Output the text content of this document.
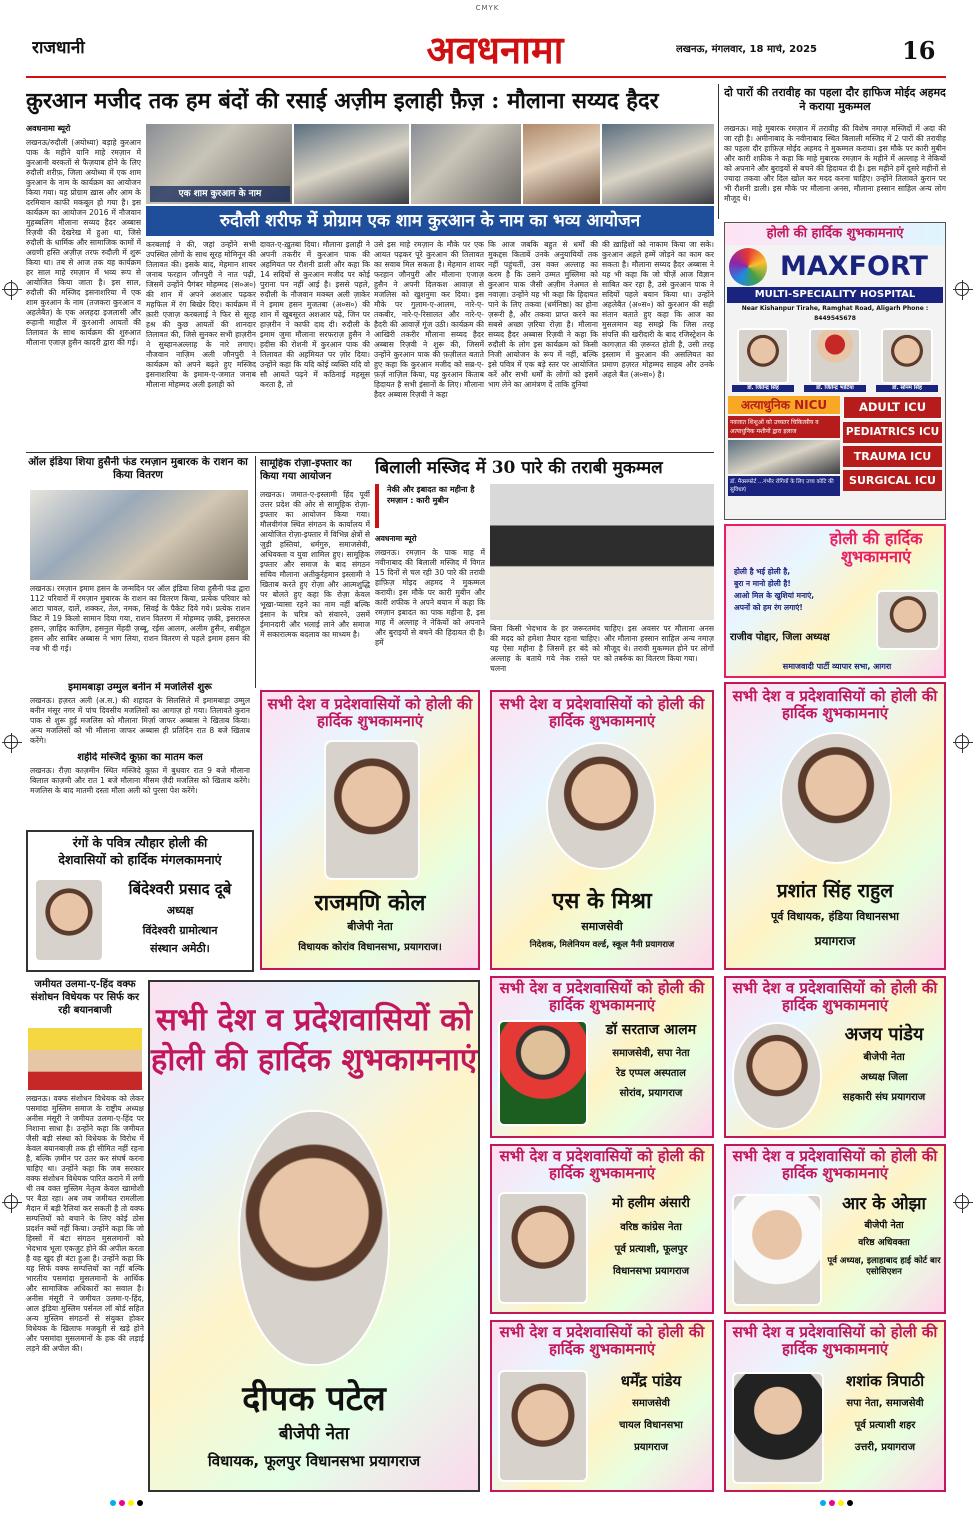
CMYK
राजधानी	अवधनामा	लखनऊ, मंगलवार, 18 मार्च, 2025	16
क़ुरआन मजीद तक हम बंदों की रसाई अज़ीम इलाही फ़ैज़ : मौलाना सय्यद हैदर
अवधनामा ब्यूरो
लखनऊ/रुदौली (अयोध्या) बड़ाहे कुरआन पाक के महीने यानि माहे रमज़ान में कुरआनी बरकतों से फैज़याब होने के लिए रुदौली शरीफ़, जिला अयोध्या में एक शाम कुरआन के नाम के कार्यक्रम का आयोजन किया गया। यह प्रोग्राम ख़ास और आम के दरमियान काफी मकबूल हो गया है। इस कार्यक्रम का आयोजन 2016 में नौजवान मुहब्बलिग मौलाना सय्यद हैदर अब्बास रिज़वी की देखरेख में हुआ था, जिसे रुदौली के धार्मिक और सामाजिक कामों में अग्रणी हस्ति अज़ीज़ तरफ रुदौली में शुरू किया था। तब से आज तक यह कार्यक्रम हर साल माहे रमज़ान में भव्य रूप से आयोजित किया जाता है। इस साल, रुदौली की मस्जिद इसनाशरिया में एक शाम कुरआन के नाम (तजकरा कुरआन व अहलेबैत) के एक अलहदा इजलासी और रूहानी माहौल में कुरआनी आयतों की तिलावत के साथ कार्यक्रम की शुरुआत मौलाना एजाज़ हुसैन कादरी द्वारा की गई।
एक शाम कुरआन के नाम
रुदौली शरीफ में प्रोग्राम एक शाम कुरआन के नाम का भव्य आयोजन
करबलाई ने की, जहां उन्होंने सभी उपस्थित लोगों के साथ सूरह मोमिनून की तिलावत की। इसके बाद, मेहमान शायर जनाब फरहान जौनपुरी ने नात पढ़ी, जिसमें उन्होंने पैगंबर मोहम्मद (स०अ०) की शान में अपने अशआर पढ़कर महफिल में रंग बिखेर दिए। कार्यक्रम में क़ारी एजाज़ करबलाई ने फिर से सूरह हश्र की कुछ आयतों की शानदार तिलावत की, जिसे सुनकर सभी हाज़रीन ने सुब्हानअल्लाह के नारे लगाए। नौजवान नाज़िम अली जौनपुरी ने कार्यक्रम को अपने बढ़ते हुए मस्जिद इसनाशरिया के इमाम-ए-जमात जनाब मौलाना मोहम्मद अली इलाही को
दावत-ए-ख़ुतबा दिया। मौलाना इलाही ने अपनी तकरीर में कुरआन पाक की अहमियत पर रौशनी डाली और कहा कि 14 सदियों से कुरआन मजीद पर कोई पुराना पन नहीं आई है। इससे पहले, रुदौली के नौजवान मक्ब्ल अली ज़ाकेर ने इमाम हसन मुजतबा (अ०स०) की शान में खूबसूरत अशआर पढ़े, जिन पर हाज़रीन ने काफी दाद दी। रुदौली के इमाम जुमा मौलाना सरफराज़ हुसैन ने हदीस की रोशनी में कुरआन पाक की तिलावत की अहमियत पर ज़ोर दिया। उन्होंने कहा कि यदि कोई व्यक्ति यदि वो सौ आयतें पढ़ने में कठिनाई महसूस करता है, तो
उसे इस माहे रमज़ान के मौके पर एक आयत पढ़कर पूरे कुरआन की तिलावत का सवाब मिल सकता है। मेहमान शायर फरहान जौनपुरी और मौलाना एजाज़ हुसैन ने अपनी दिलकश आवाज़ से मजलिस को खुशनुमा कर दिया। इस मौके पर गुलाम-ए-आलम, नारे-ए-तकबीर, नारे-ए-रिसालत और नारे-ए-हैदरी की आवाज़ें गूंज उठी। कार्यक्रम की आखिरी तकरीर मौलाना सय्यद हैदर अब्बास रिज़वी ने शुरू की, जिसमें उन्होंने कुरआन पाक की फ़ज़ीलत बताते हुए कहा कि कुरआन मजीद को सब्र-ए-फ़र्ज़ नाज़िल किया, यह कुरआन किताब हिदायत है सभी इंसानों के लिए। मौलाना हैदर अब्बास रिज़वी ने कहा
कि आज जबकि बहुत से धर्मों की मुकद्दस किताबें उनके अनुयायियों तक नहीं पहुंचतीं, उस वक्त अल्लाह का करम है कि उसने उम्मत मुस्लिमा को कुरआन पाक जैसी अज़ीम नेअमत से नवाज़ा। उन्होंने यह भी कहा कि हिदायत पाने के लिए तकवा (धर्मनिष्ठा) का होना ज़रूरी है, और तकवा प्राप्त करने का सबसे अच्छा ज़रिया रोज़ा है। मौलाना सय्यद हैदर अब्बास रिज़वी ने कहा कि रुदौली के लोग इस कार्यक्रम को किसी निजी आयोजन के रूप में नहीं, बल्कि इसे पवित्र में एक बड़े स्तर पर आयोजित करें और सभी धर्मों के लोगों को इसमें भाग लेने का आमंत्रण दें ताकि दुनियां
की ख़ाहिशों को नाकाम किया जा सके। कुरआन अहले हम्में जोड़ने का काम कर सकता है। मौलाना सय्यद हैदर अब्बास ने यह भी कहा कि जो चीज़ें आज विज्ञान साबित कर रहा है, उसे कुरआन पाक ने सदियों पहले बयान किया था। उन्होंने अहलेबैत (अ०स०) को कुरआन की सही संतान बताते हुए कहा कि आज का मुसलमान यह समझे कि जिस तरह संपत्ति की खरीदारी के बाद रजिस्ट्रेशन के कागज़ात की ज़रूरत होती है, उसी तरह इस्लाम में कुरआन की असलियत का प्रमाण हज़रत मोहम्मद साहब और उनके अहले बैत (अ०स०) है।
दो पारों की तरावीह का पहला दौर हाफिज मोईद अहमद ने कराया मुकम्मल
लखनऊ। माहे मुबारक रमज़ान में तरावीह की विशेष नमाज़ मस्जिदों में अदा की जा रही है। अमीनाबाद के नवीनाबाद स्थित बिलाली मस्जिद में 2 पारों की तरावीह का पहला दौर हाफ़िज़ मोईद अहमद ने मुकम्मल कराया। इस मौके पर कारी मुबीन और कारी शफ़ीक ने कहा कि माहे मुबारक रमज़ान के महीने में अल्लाह ने नेकियों को अपनाने और बुराइयों से बचने की हिदायत दी है। इस महीने हमें दूसरे महीनों से ज्यादा तकवा और दिल खोल कर मदद करना चाहिए। उन्होंने तिलावते कुरान पर भी रौशनी डाली। इस मौके पर मौलाना अनस, मौलाना हस्सान साहिल अन्य लोग मौजूद थे।
होली की हार्दिक शुभकामनाएं
MAXFORT
MULTI-SPECIALITY HOSPITAL
Near Kishanpur Tirahe, Ramghat Road, Aligarh Phone : 8449545678
डॉ. जितेन्द्र सिंह	डॉ. जितेन्द्र भाटिया	डॉ. सोनम सिंह
अत्याधुनिक NICU
नवजात शिशुओं को उच्चतर चिकित्सीय व अत्याधुनिक मशीनों द्वारा इलाज
डॉ. मैक्सफोर्ट ...गंभीर रोगियों के लिए उच्च कोटि की सुविधाएं
ADULT ICU
PEDIATRICS ICU
TRAUMA ICU
SURGICAL ICU
होली की हार्दिक शुभकामनाएं
होली है भई होली है,
बुरा न मानो होली है!
आओ मिल के खुशियां मनाएं,
अपनों को हम रंग लगाएं!
राजीव पोद्दार, जिला अध्यक्ष
समाजवादी पार्टी व्यापार सभा, आगरा
ऑल इंडिया शिया हुसैनी फंड रमज़ान मुबारक के राशन का किया वितरण
लखनऊ। रमज़ान इमाम हसन के जन्मदिन पर ऑल इंडिया शिया हुसैनी फंड द्वारा 112 परिवारों में रमज़ान मुबारक के राशन का वितरण किया, प्रत्येक परिवार को आटा चावल, दालें, शक्कर, तेल, नमक, सिवई के पैकेट दिये गये। प्रत्येक राशन किट में 19 किलो सामान दिया गया, राशन वितरण में मोहम्मद ज़की, इसरारुल हसन, ज़ाहिद काज़िम, हसनुल मेंहदी ज़ब्बू, रईस आलम, अलीम हुसैन, सबीहुल हसन और साबिर अब्बास ने भाग लिया, राशन वितरण से पहले इमाम हसन की नज्र भी दी गई।
इमामबाड़ा उम्मुल बनीन में मजलिसें शुरू
लखनऊ। हज़रत अली (अ.स.) की शहादत के सिलसिले में इमामबाड़ा उम्मुल बनीन मंसूर नगर में पांच दिवसीय मजलिसों का आगाज़ हो गया। तिलावते कुरान पाक से शुरू हुई मजलिस को मौलाना मिर्ज़ा जाफर अब्बास ने खिताब किया। अन्य मजलिसों को भी मौलाना जाफर अब्बास ही प्रतिदिन रात 8 बजे खिताब करेंगे।
शहीदे मस्जिदे कूफ़ा का मातम कल
लखनऊ। रौज़ा काज़मीन स्थित मस्जिदे कूफ़ा में बुधवार रात 9 बजे मौलाना बिलाल काज़मी और रात 1 बजे मौलाना मीसम ज़ैदी मजलिस को खिताब करेंगे। मजलिस के बाद मातमी दस्ता मौला अली को पुरसा पेश करेंगे।
सामूहिक रोज़ा-इफ्तार का किया गया आयोजन
लखनऊ। जमात-ए-इस्लामी हिंद पूर्वी उत्तर प्रदेश की ओर से सामूहिक रोज़ा-इफ्तार का आयोजन किया गया। मौलवीगंज स्थित संगठन के कार्यालय में आयोजित रोज़ा-इफ्तार में विभिन्न क्षेत्रों से जुड़ी हस्तियां, धर्मगुरु, समाजसेवी, अधिवक्ता व युवा शामिल हुए। सामूहिक इफ्तार और समाज के बाद संगठन सचिव मौलाना अतीकुर्रहमान इस्लामी ने खिताब करते हुए रोज़ा और आत्मशुद्धि पर बोलते हुए कहा कि रोज़ा केवल भूखा-प्यासा रहने का नाम नहीं बल्कि इंसान के चरित्र को संवारने, उसमें ईमानदारी और भलाई लाने और समाज में सकारात्मक बदलाव का माध्यम है।
बिलाली मस्जिद में 30 पारे की तराबी मुकम्मल
नेकी और इबादत का महीना है रमज़ान : कारी मुबीन
अवधनामा ब्यूरो
लखनऊ। रमज़ान के पाक माह में नवीनाबाद की बिलाली मस्जिद में विगत 15 दिनों से चल रही 30 पारे की तरावी हाफ़िज़ मोइद अहमद ने मुकम्मल करायी। इस मौके पर कारी मुबीन और कारी शफीक ने अपने बयान में कहा कि रमज़ान इबादत का पाक महीना है, इस माह में अल्लाह ने नेकियों को अपनाने और बुराइयों से बचने की हिदायत दी है। हमें
बिना किसी भेदभाव के हर जरूरतमंद की मदद को हमेशा तैयार रहना चाहिए। यह ऐसा महीना है जिसमें हर बंदे को अल्लाह के बताये गये नेक रास्ते पर चलना
चाहिए। इस अवसर पर मौलाना अनस और मौलाना हस्सान साहिल अन्य नमाज़ मौजूद थे। तरावी मुकम्मल होने पर लोगों को तबर्रुक का वितरण किया गया।
सभी देश व प्रदेशवासियों को होली की हार्दिक शुभकामनाएं
राजमणि कोल
बीजेपी नेता
विधायक कोरांव विधानसभा, प्रयागराज।
सभी देश व प्रदेशवासियों को होली की हार्दिक शुभकामनाएं
एस के मिश्रा
समाजसेवी
निदेशक, मिलेनियम वर्ल्ड, स्कूल नैनी प्रयागराज
सभी देश व प्रदेशवासियों को होली की हार्दिक शुभकामनाएं
प्रशांत सिंह राहुल
पूर्व विधायक, हंडिया विधानसभा
प्रयागराज
रंगों के पवित्र त्यौहार होली की
देशवासियों को हार्दिक मंगलकामनाएं
बिंदेश्वरी प्रसाद दूबे
अध्यक्ष
विंदेश्वरी ग्रामोत्थान
संस्थान अमेठी।
जमीयत उलमा-ए-हिंद वक्फ संशोधन विधेयक पर सिर्फ कर रही बयानबाजी
लखनऊ। वक्फ संशोधन विधेयक को लेकर पसमांदा मुस्लिम समाज के राष्ट्रीय अध्यक्ष अनीस मंसूरी ने जमीयत उलमा-ए-हिंद पर निशाना साधा है। उन्होंने कहा कि जमीयत जैसी बड़ी संस्था को विधेयक के विरोध में केवल बयानबाज़ी तक ही सीमित नहीं रहना है, बल्कि ज़मीन पर उतर कर संघर्ष करना चाहिए था। उन्होंने कहा कि जब सरकार वक्फ संशोधन विधेयक पारित कराने में लगी थी तब वक्त मुस्लिम नेतृत्व केवल खामोशी पर बैठा रहा। अब जब जमीयत रामलीला मैदान में बड़ी रैलियां कर सकती है तो वक्फ सम्पत्तियों को बचाने के लिए कोई ठोस प्रदर्शन क्यों नहीं किया। उन्होंने कहा कि जो हिस्सों में बंटा संगठन मुसलमानों को भेदभाव भूला एकजुट होने की अपील करता है वह खुद ही बंटा हुआ है। उन्होंने कहा कि यह सिर्फ वक्फ सम्पत्तियों का नहीं बल्कि भारतीय पसमांदा मुसलमानों के आर्थिक और सामाजिक अधिकारों का सवाल है। अनीस मंसूरी ने जमीयत उलमा-ए-हिंद, आल इंडिया मुस्लिम पर्सनल लॉ बोर्ड सहित अन्य मुस्लिम संगठनों से संयुक्त होकर विधेयक के खिलाफ मजबूती से खड़े होने और पसमांदा मुसलमानों के हक की लड़ाई लड़ने की अपील की।
सभी देश व प्रदेशवासियों को
होली की हार्दिक शुभकामनाएं
दीपक पटेल
बीजेपी नेता
विधायक, फूलपुर विधानसभा प्रयागराज
सभी देश व प्रदेशवासियों को होली की हार्दिक शुभकामनाएं
डॉ सरताज आलम
समाजसेवी, सपा नेता
रेड एप्पल अस्पताल
सोरांव, प्रयागराज
सभी देश व प्रदेशवासियों को होली की हार्दिक शुभकामनाएं
अजय पांडेय
बीजेपी नेता
अध्यक्ष जिला
सहकारी संघ प्रयागराज
सभी देश व प्रदेशवासियों को होली की हार्दिक शुभकामनाएं
मो हलीम अंसारी
वरिष्ठ कांग्रेस नेता
पूर्व प्रत्याशी, फूलपुर
विधानसभा प्रयागराज
सभी देश व प्रदेशवासियों को होली की हार्दिक शुभकामनाएं
आर के ओझा
बीजेपी नेता
वरिष्ठ अधिवक्ता
पूर्व अध्यक्ष, इलाहाबाद हाई कोर्ट बार एसोसिएशन
सभी देश व प्रदेशवासियों को होली की हार्दिक शुभकामनाएं
धर्मेंद्र पांडेय
समाजसेवी
चायल विधानसभा
प्रयागराज
सभी देश व प्रदेशवासियों को होली की हार्दिक शुभकामनाएं
शशांक त्रिपाठी
सपा नेता, समाजसेवी
पूर्व प्रत्याशी शहर
उत्तरी, प्रयागराज
